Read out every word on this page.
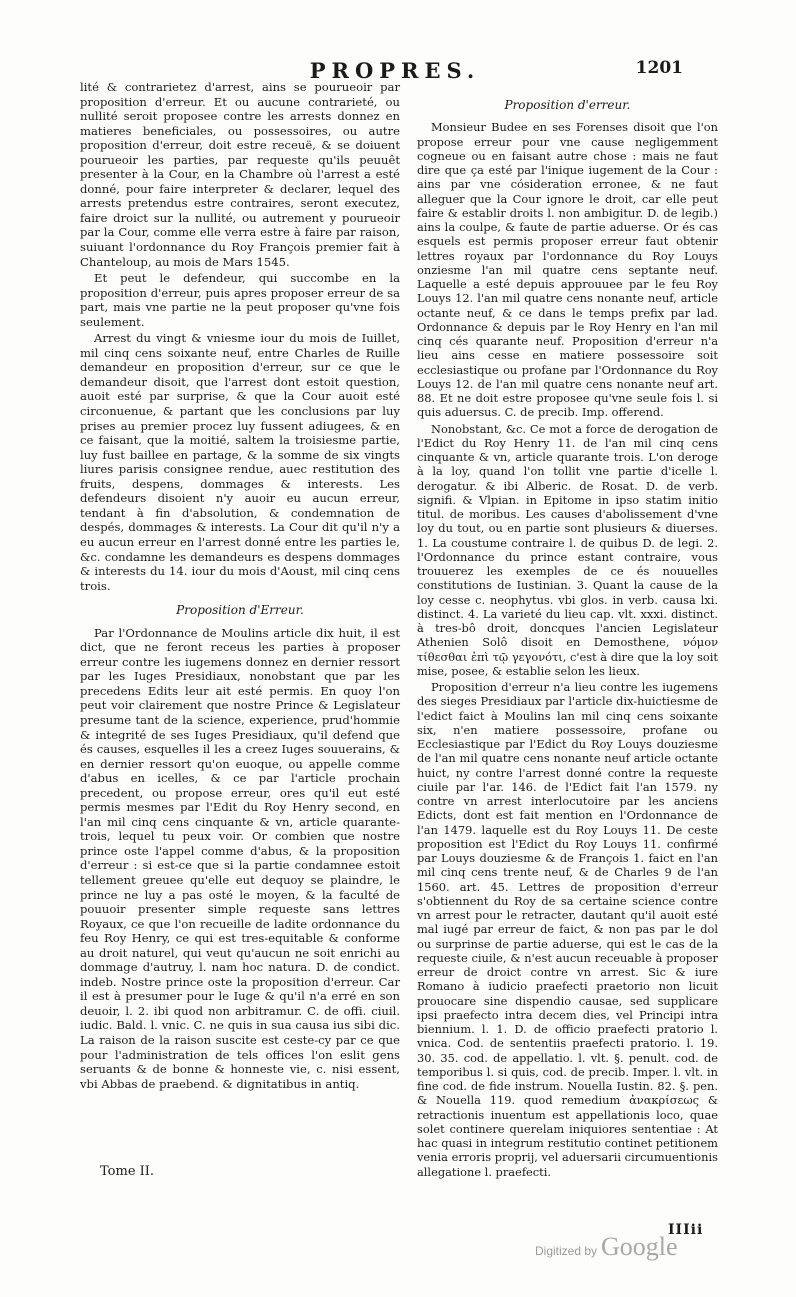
PROPRES.	1201

lité & contrarietez d'arrest, ains se pourueoir par proposition d'erreur. Et ou aucune contrarieté, ou nullité seroit proposee contre les arrests donnez en matieres beneficiales, ou possessoires, ou autre proposition d'erreur, doit estre receuë, & se doiuent pourueoir les parties, par requeste qu'ils peuuêt presenter à la Cour, en la Chambre où l'arrest a esté donné, pour faire interpreter & declarer, lequel des arrests pretendus estre contraires, seront executez, faire droict sur la nullité, ou autrement y pourueoir par la Cour, comme elle verra estre à faire par raison, suiuant l'ordonnance du Roy François premier fait à Chanteloup, au mois de Mars 1545.

Et peut le defendeur, qui succombe en la proposition d'erreur, puis apres proposer erreur de sa part, mais vne partie ne la peut proposer qu'vne fois seulement.

Arrest du vingt & vniesme iour du mois de Iuillet, mil cinq cens soixante neuf, entre Charles de Ruille demandeur en proposition d'erreur, sur ce que le demandeur disoit, que l'arrest dont estoit question, auoit esté par surprise, & que la Cour auoit esté circonuenue, & partant que les conclusions par luy prises au premier procez luy fussent adiugees, & en ce faisant, que la moitié, saltem la troisiesme partie, luy fust baillee en partage, & la somme de six vingts liures parisis consignee rendue, auec restitution des fruits, despens, dommages & interests. Les defendeurs disoient n'y auoir eu aucun erreur, tendant à fin d'absolution, & condemnation de despés, dommages & interests. La Cour dit qu'il n'y a eu aucun erreur en l'arrest donné entre les parties le, &c. condamne les demandeurs es despens dommages & interests du 14. iour du mois d'Aoust, mil cinq cens trois.

Proposition d'Erreur.

Par l'Ordonnance de Moulins article dix huit, il est dict, que ne feront receus les parties à proposer erreur contre les iugemens donnez en dernier ressort par les Iuges Presidiaux, nonobstant que par les precedens Edits leur ait esté permis. En quoy l'on peut voir clairement que nostre Prince & Legislateur presume tant de la science, experience, prud'hommie & integrité de ses Iuges Presidiaux, qu'il defend que és causes, esquelles il les a creez Iuges souuerains, & en dernier ressort qu'on euoque, ou appelle comme d'abus en icelles, & ce par l'article prochain precedent, ou propose erreur, ores qu'il eut esté permis mesmes par l'Edit du Roy Henry second, en l'an mil cinq cens cinquante & vn, article quarante-trois, lequel tu peux voir. Or combien que nostre prince oste l'appel comme d'abus, & la proposition d'erreur : si est-ce que si la partie condamnee estoit tellement greuee qu'elle eut dequoy se plaindre, le prince ne luy a pas osté le moyen, & la faculté de pouuoir presenter simple requeste sans lettres Royaux, ce que l'on recueille de ladite ordonnance du feu Roy Henry, ce qui est tres-equitable & conforme au droit naturel, qui veut qu'aucun ne soit enrichi au dommage d'autruy, l. nam hoc natura. D. de condict. indeb. Nostre prince oste la proposition d'erreur. Car il est à presumer pour le Iuge & qu'il n'a erré en son deuoir, l. 2. ibi quod non arbitramur. C. de offi. ciuil. iudic. Bald. l. vnic. C. ne quis in sua causa ius sibi dic. La raison de la raison suscite est ceste-cy par ce que pour l'administration de tels offices l'on eslit gens seruants & de bonne & honneste vie, c. nisi essent, vbi Abbas de praebend. & dignitatibus in antiq.

Proposition d'erreur.

Monsieur Budee en ses Forenses disoit que l'on propose erreur pour vne cause negligemment cogneue ou en faisant autre chose : mais ne faut dire que ça esté par l'inique iugement de la Cour : ains par vne cósideration erronee, & ne faut alleguer que la Cour ignore le droit, car elle peut faire & establir droits l. non ambigitur. D. de legib.) ains la coulpe, & faute de partie aduerse. Or és cas esquels est permis proposer erreur faut obtenir lettres royaux par l'ordonnance du Roy Louys onziesme l'an mil quatre cens septante neuf. Laquelle a esté depuis approuuee par le feu Roy Louys 12. l'an mil quatre cens nonante neuf, article octante neuf, & ce dans le temps prefix par lad. Ordonnance & depuis par le Roy Henry en l'an mil cinq cés quarante neuf. Proposition d'erreur n'a lieu ains cesse en matiere possessoire soit ecclesiastique ou profane par l'Ordonnance du Roy Louys 12. de l'an mil quatre cens nonante neuf art. 88. Et ne doit estre proposee qu'vne seule fois l. si quis aduersus. C. de precib. Imp. offerend.

Nonobstant, &c. Ce mot a force de derogation de l'Edict du Roy Henry 11. de l'an mil cinq cens cinquante & vn, article quarante trois. L'on deroge à la loy, quand l'on tollit vne partie d'icelle l. derogatur. & ibi Alberic. de Rosat. D. de verb. signifi. & Vlpian. in Epitome in ipso statim initio titul. de moribus. Les causes d'abolissement d'vne loy du tout, ou en partie sont plusieurs & diuerses. 1. La coustume contraire l. de quibus D. de legi. 2. l'Ordonnance du prince estant contraire, vous trouuerez les exemples de ce és nouuelles constitutions de Iustinian. 3. Quant la cause de la loy cesse c. neophytus. vbi glos. in verb. causa lxi. distinct. 4. La varieté du lieu cap. vlt. xxxi. distinct. à tres-bô droit, doncques l'ancien Legislateur Athenien Solô disoit en Demosthene, νόμον τίθεσθαι ἐπὶ τῷ γεγονότι, c'est à dire que la loy soit mise, posee, & establie selon les lieux.

Proposition d'erreur n'a lieu contre les iugemens des sieges Presidiaux par l'article dix-huictiesme de l'edict faict à Moulins lan mil cinq cens soixante six, n'en matiere possessoire, profane ou Ecclesiastique par l'Edict du Roy Louys douziesme de l'an mil quatre cens nonante neuf article octante huict, ny contre l'arrest donné contre la requeste ciuile par l'ar. 146. de l'Edict fait l'an 1579. ny contre vn arrest interlocutoire par les anciens Edicts, dont est fait mention en l'Ordonnance de l'an 1479. laquelle est du Roy Louys 11. De ceste proposition est l'Edict du Roy Louys 11. confirmé par Louys douziesme & de François 1. faict en l'an mil cinq cens trente neuf, & de Charles 9 de l'an 1560. art. 45. Lettres de proposition d'erreur s'obtiennent du Roy de sa certaine science contre vn arrest pour le retracter, dautant qu'il auoit esté mal iugé par erreur de faict, & non pas par le dol ou surprinse de partie aduerse, qui est le cas de la requeste ciuile, & n'est aucun receuable à proposer erreur de droict contre vn arrest. Sic & iure Romano à iudicio praefecti praetorio non licuit prouocare sine dispendio causae, sed supplicare ipsi praefecto intra decem dies, vel Principi intra biennium. l. 1. D. de officio praefecti pratorio l. vnica. Cod. de sententiis praefecti pratorio. l. 19. 30. 35. cod. de appellatio. l. vlt. §. penult. cod. de temporibus l. si quis, cod. de precib. Imper. l. vlt. in fine cod. de fide instrum. Nouella Iustin. 82. §. pen. & Nouella 119. quod remedium ἀνακρίσεως & retractionis inuentum est appellationis loco, quae solet continere querelam iniquiores sententiae : At hac quasi in integrum restitutio continet petitionem venia erroris proprij, vel aduersarii circumuentionis allegatione l. praefecti.

Tome II.
IIIii
Digitized by Google
